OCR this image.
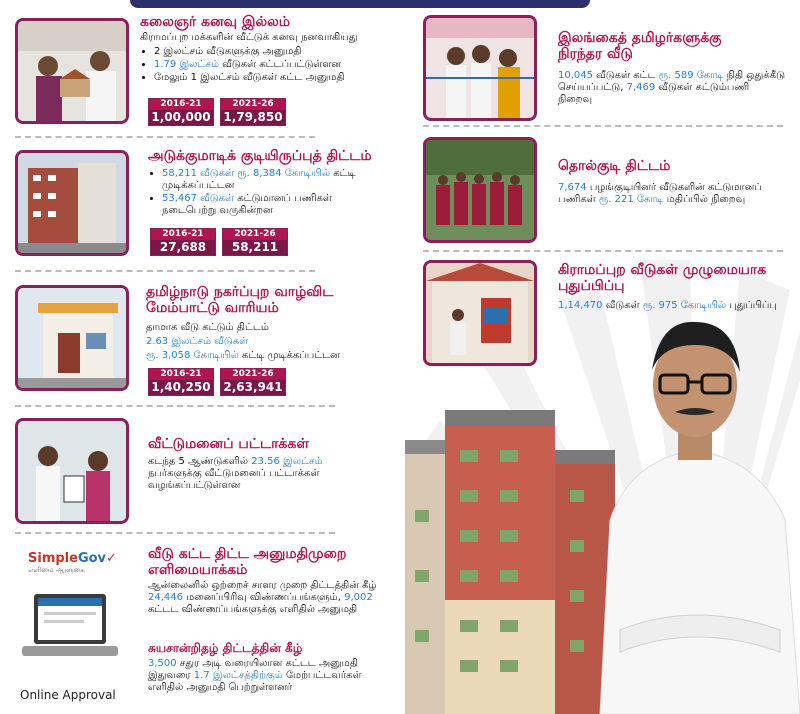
கலைஞர் கனவு இல்லம்
கிராமப்புற மக்களின் வீட்டுக் கனவு நனவாகியது
• 2 இலட்சம் வீடுகளுக்கு அனுமதி
• 1.79 இலட்சம் வீடுகள் கட்டப்பட்டுள்ளன
• மேலும் 1 இலட்சம் வீடுகள் கட்ட அனுமதி
2016-21
1,00,000
2021-26
1,79,850
அடுக்குமாடிக் குடியிருப்புத் திட்டம்
• 58,211 வீடுகள் ரூ. 8,384 கோடியில் கட்டி முடிக்கப்பட்டன
• 53,467 வீடுகள் கட்டுமானப் பணிகள் நடைபெற்று வருகின்றன
2016-21
27,688
2021-26
58,211
தமிழ்நாடு நகர்ப்புற வாழ்விட மேம்பாட்டு வாரியம்
தாமாக வீடு கட்டும் திட்டம்
2.63 இலட்சம் வீடுகள்
ரூ. 3,058 கோடியில் கட்டி முடிக்கப்பட்டன
2016-21
1,40,250
2021-26
2,63,941
வீட்டுமனைப் பட்டாக்கள்
கடந்த 5 ஆண்டுகளில் 23.56 இலட்சம் நபர்களுக்கு வீட்டுமனைப் பட்டாக்கள் வழங்கப்பட்டுள்ளன
SimpleGov✓
எளிமை ஆளுகை
Online Approval
வீடு கட்ட திட்ட அனுமதிமுறை எளிமையாக்கம்
ஆன்லைனில் ஒற்றைச் சாளர முறை திட்டத்தின் கீழ் 24,446 மனைப்பிரிவு விண்ணப்பங்களும், 9,002 கட்டட விண்ணப்பங்களுக்கு எளிதில் அனுமதி
சுயசான்றிதழ் திட்டத்தின் கீழ்
3,500 சதுர அடி வரையிலான கட்டட அனுமதி இதுவரை 1.7 இலட்சத்திற்கும் மேற்பட்டவர்கள் எளிதில் அனுமதி பெற்றுள்ளனர்
இலங்கைத் தமிழர்களுக்கு நிரந்தர வீடு
10,045 வீடுகள் கட்ட ரூ. 589 கோடி நிதி ஒதுக்கீடு செய்யப்பட்டு, 7,469 வீடுகள் கட்டும்பணி நிறைவு
தொல்குடி திட்டம்
7,674 பழங்குடியினர் வீடுகளின் கட்டுமானப் பணிகள் ரூ. 221 கோடி மதிப்பில் நிறைவு
கிராமப்புற வீடுகள் முழுமையாக புதுப்பிப்பு
1,14,470 வீடுகள் ரூ. 975 கோடியில் புதுப்பிப்பு
